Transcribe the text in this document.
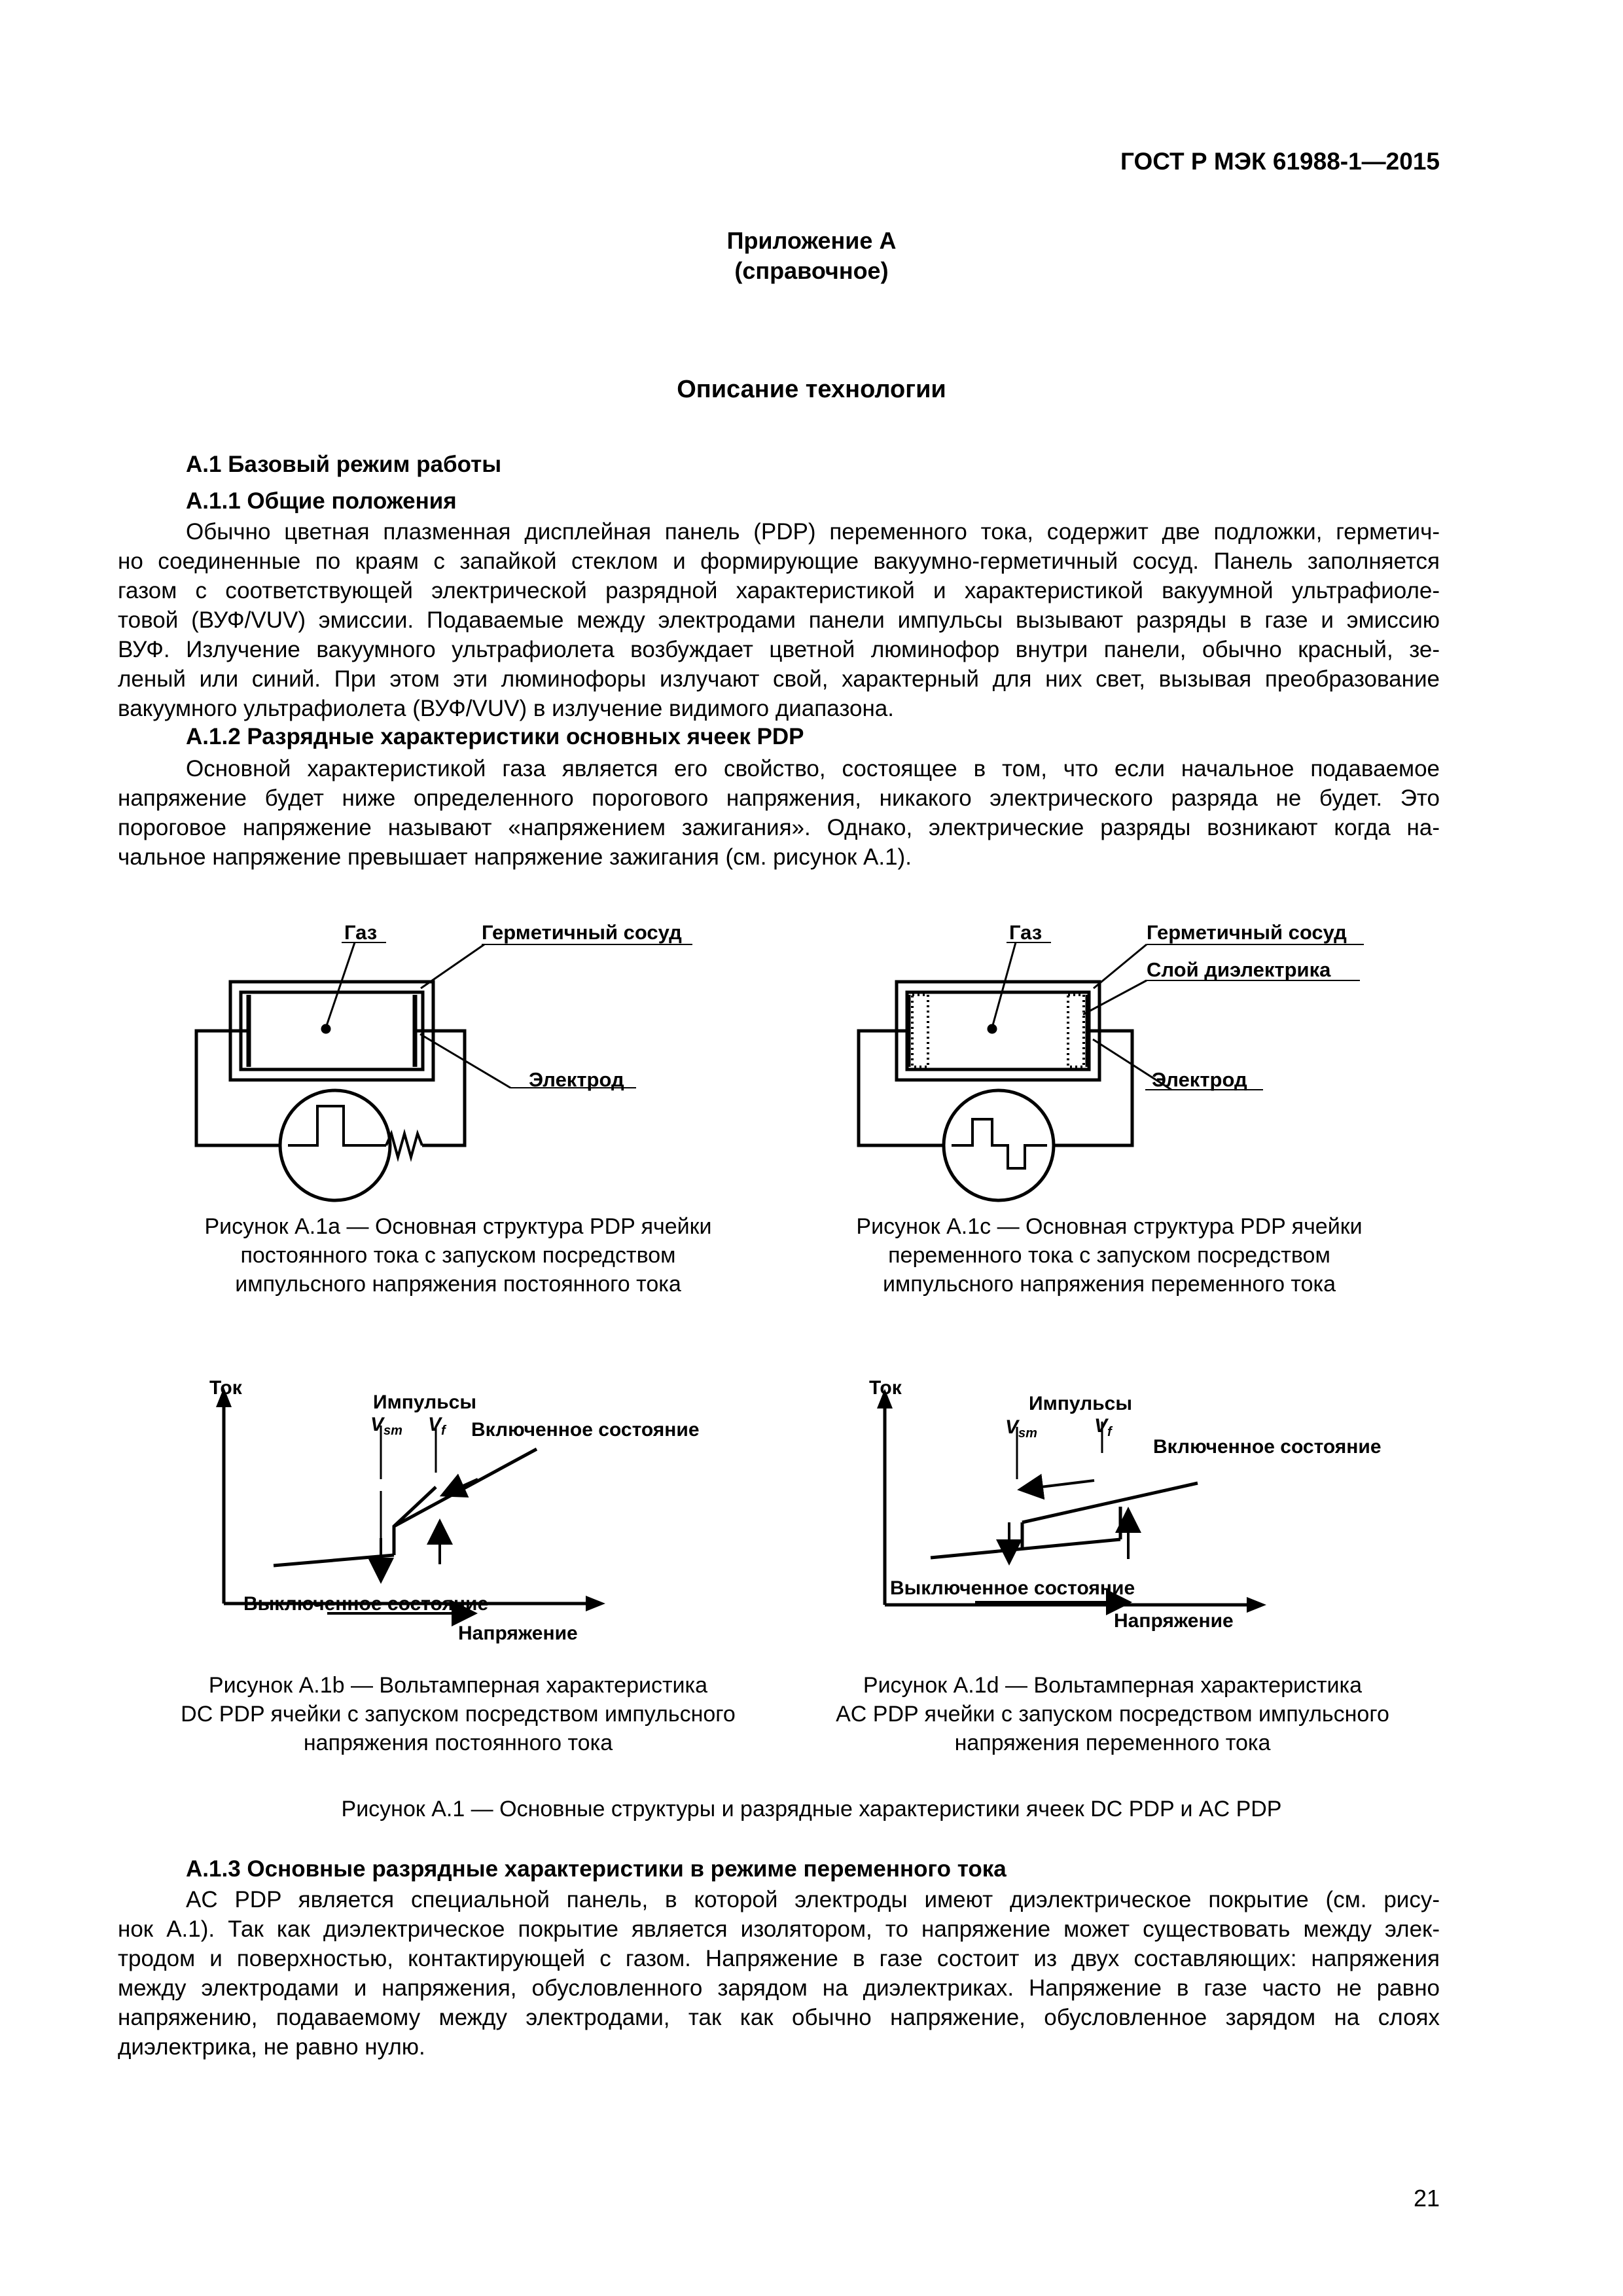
ГОСТ Р МЭК 61988-1—2015
Приложение А
(справочное)
Описание технологии
А.1 Базовый режим работы
А.1.1 Общие положения
Обычно цветная плазменная дисплейная панель (PDP) переменного тока, содержит две подложки, герметич-
но соединенные по краям с запайкой стеклом и формирующие вакуумно-герметичный сосуд. Панель заполняется
газом с соответствующей электрической разрядной характеристикой и характеристикой вакуумной ультрафиоле-
товой (ВУФ/VUV) эмиссии. Подаваемые между электродами панели импульсы вызывают разряды в газе и эмиссию
ВУФ. Излучение вакуумного ультрафиолета возбуждает цветной люминофор внутри панели, обычно красный, зе-
леный или синий. При этом эти люминофоры излучают свой, характерный для них свет, вызывая преобразование
вакуумного ультрафиолета (ВУФ/VUV) в излучение видимого диапазона.
А.1.2 Разрядные характеристики основных ячеек PDP
Основной характеристикой газа является его свойство, состоящее в том, что если начальное подаваемое
напряжение будет ниже определенного порогового напряжения, никакого электрического разряда не будет. Это
пороговое напряжение называют «напряжением зажигания». Однако, электрические разряды возникают когда на-
чальное напряжение превышает напряжение зажигания (см. рисунок А.1).
Газ	Герметичный сосуд
Электрод
Газ	Герметичный сосуд
Слой диэлектрика
Электрод
Рисунок А.1а — Основная структура PDP ячейки
постоянного тока с запуском посредством
импульсного напряжения постоянного тока
Рисунок А.1с — Основная структура PDP ячейки
переменного тока с запуском посредством
импульсного напряжения переменного тока
Ток
Импульсы
$V_{sm}$ $V_f$ Включенное состояние
Выключенное состояние
Напряжение
Ток
Импульсы
$V_{sm}$	$V_f$
Включенное состояние
Выключенное состояние
Напряжение
Рисунок А.1b — Вольтамперная характеристика
DC PDP ячейки с запуском посредством импульсного
напряжения постоянного тока
Рисунок А.1d — Вольтамперная характеристика
AC PDP ячейки с запуском посредством импульсного
напряжения переменного тока
Рисунок А.1 — Основные структуры и разрядные характеристики ячеек DC PDP и AC PDP
А.1.3 Основные разрядные характеристики в режиме переменного тока
AC PDP является специальной панель, в которой электроды имеют диэлектрическое покрытие (см. рису-
нок А.1). Так как диэлектрическое покрытие является изолятором, то напряжение может существовать между элек-
тродом и поверхностью, контактирующей с газом. Напряжение в газе состоит из двух составляющих: напряжения
между электродами и напряжения, обусловленного зарядом на диэлектриках. Напряжение в газе часто не равно
напряжению, подаваемому между электродами, так как обычно напряжение, обусловленное зарядом на слоях
диэлектрика, не равно нулю.
21
